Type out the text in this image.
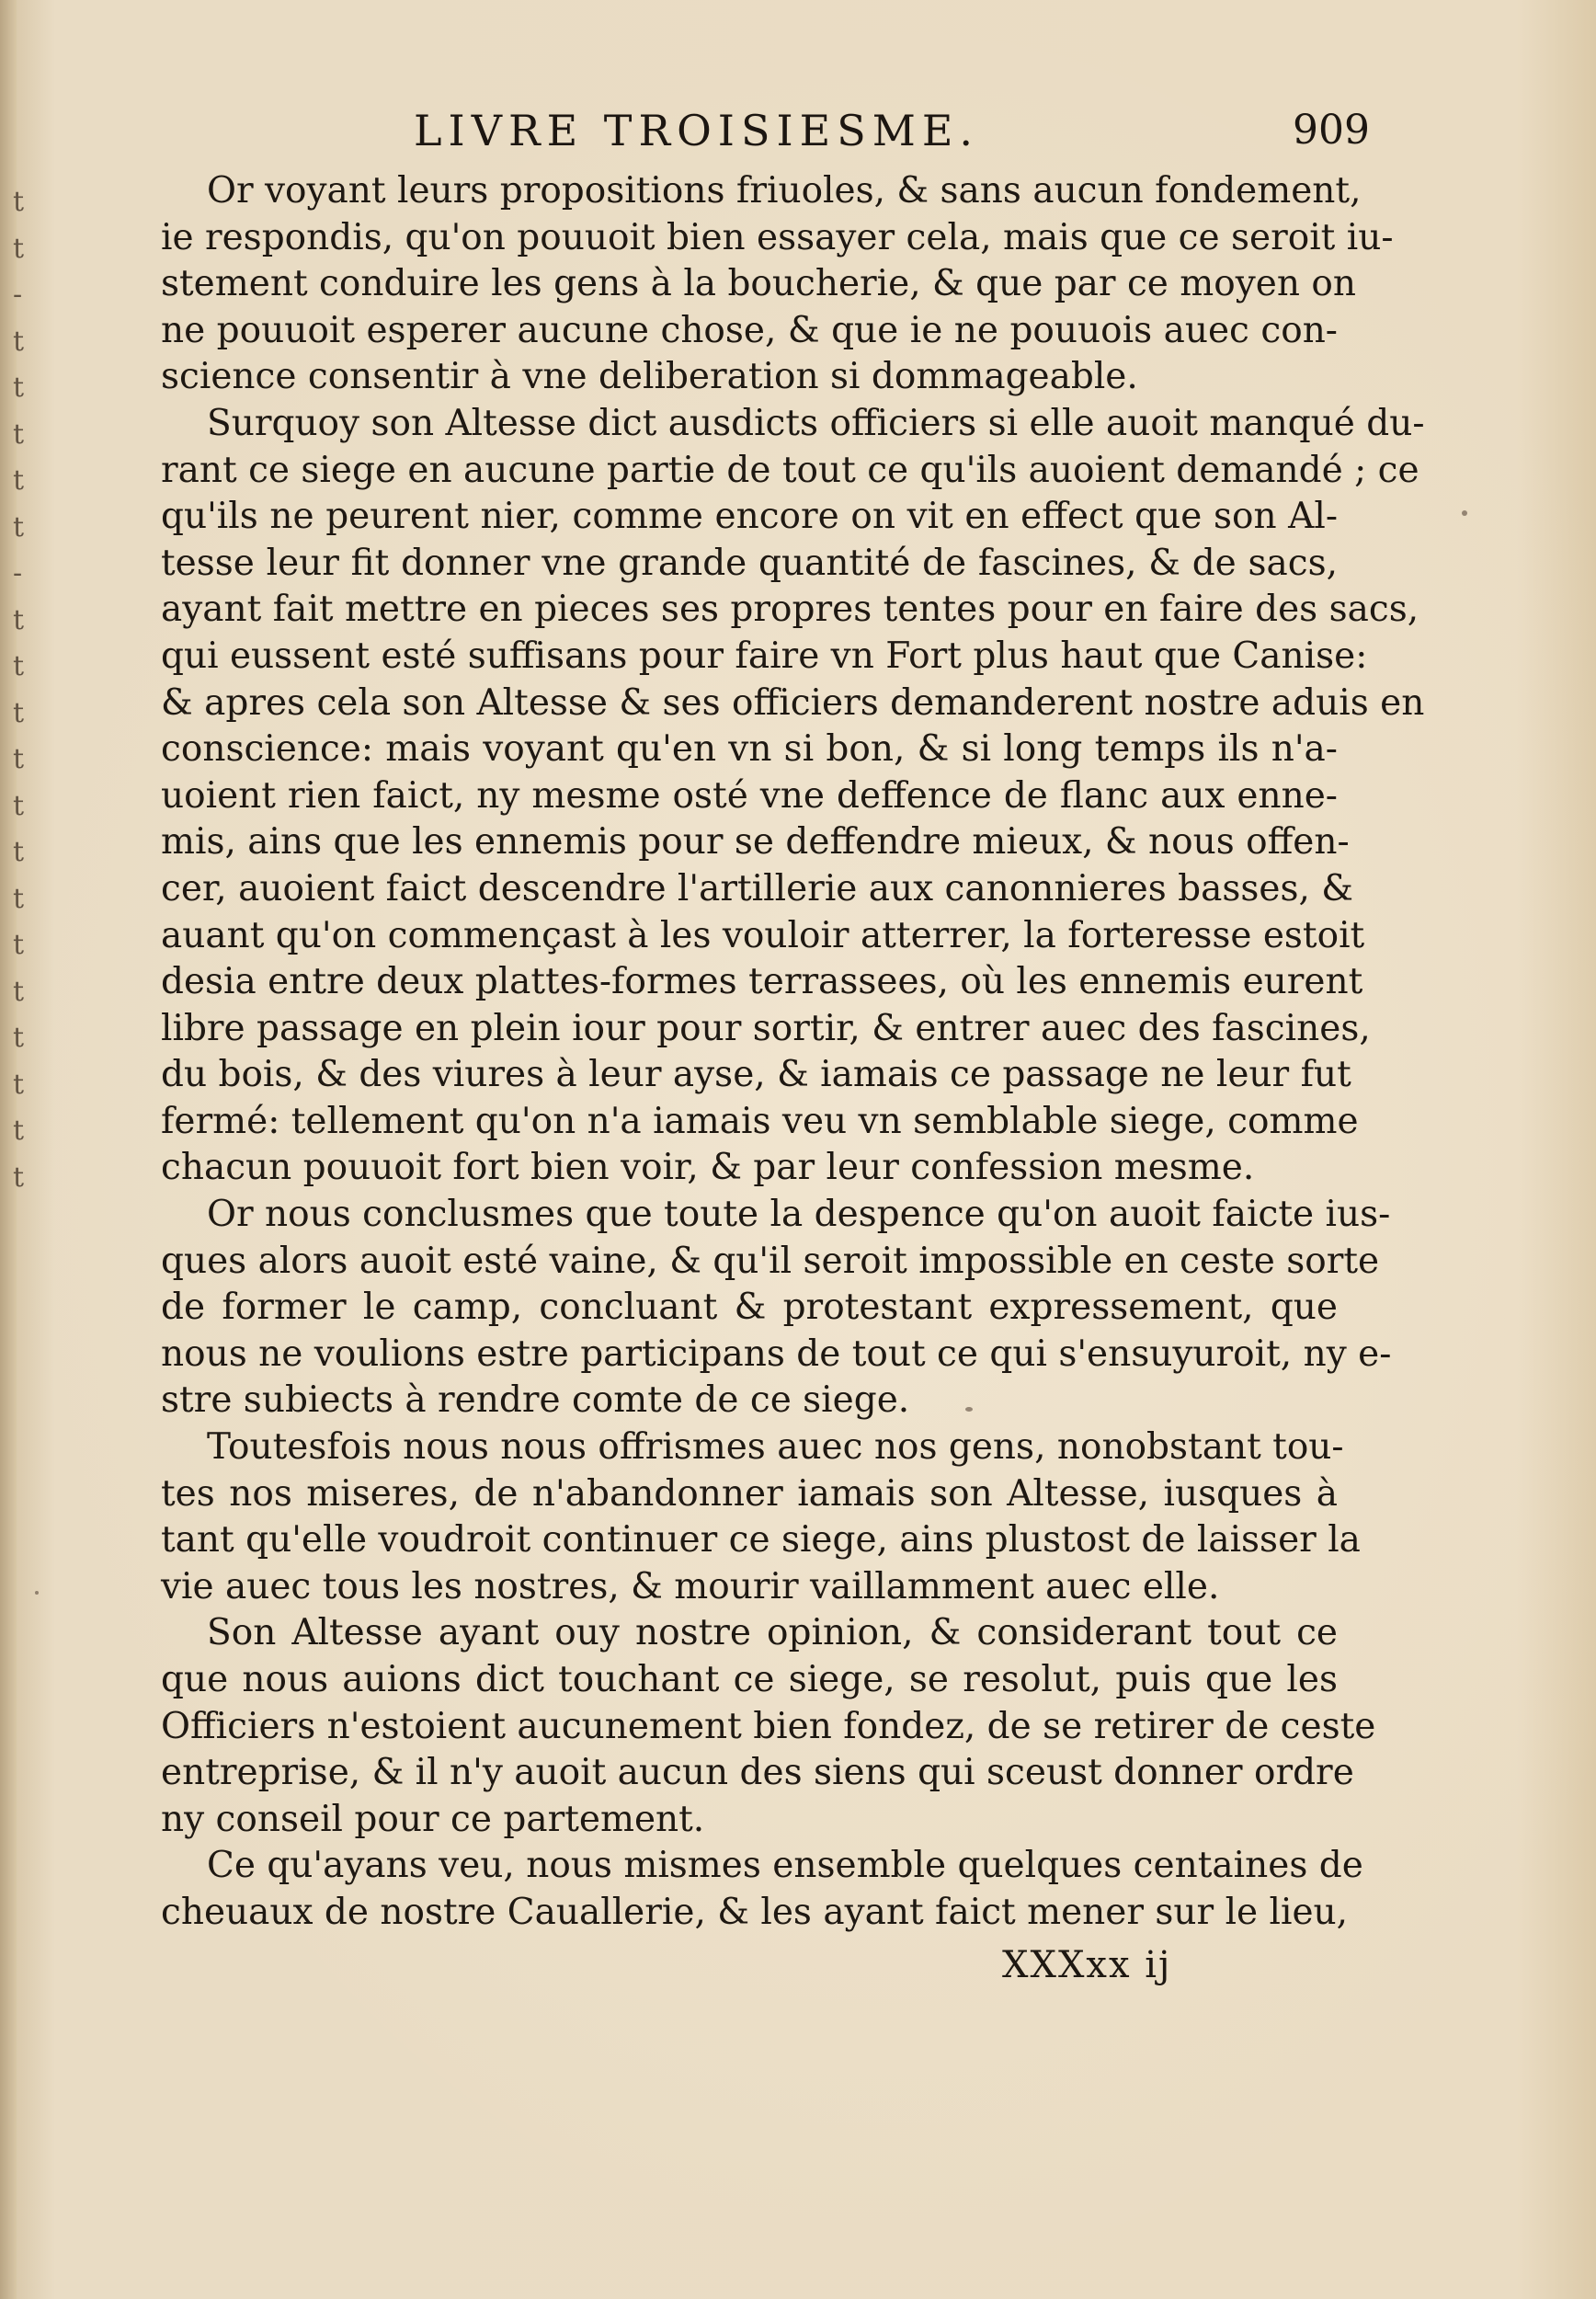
t
t
-
t
t
t
t
t
-
t
t
t
t
t
t
t
t
t
t
t
t
t
LIVRE TROISIESME.	909
Or voyant leurs propositions friuoles, & sans aucun fondement,
ie respondis, qu'on pouuoit bien essayer cela, mais que ce seroit iu-
stement conduire les gens à la boucherie, & que par ce moyen on
ne pouuoit esperer aucune chose, & que ie ne pouuois auec con-
science consentir à vne deliberation si dommageable.
Surquoy son Altesse dict ausdicts officiers si elle auoit manqué du-
rant ce siege en aucune partie de tout ce qu'ils auoient demandé ; ce
qu'ils ne peurent nier, comme encore on vit en effect que son Al-
tesse leur fit donner vne grande quantité de fascines, & de sacs,
ayant fait mettre en pieces ses propres tentes pour en faire des sacs,
qui eussent esté suffisans pour faire vn Fort plus haut que Canise:
& apres cela son Altesse & ses officiers demanderent nostre aduis en
conscience: mais voyant qu'en vn si bon, & si long temps ils n'a-
uoient rien faict, ny mesme osté vne deffence de flanc aux enne-
mis, ains que les ennemis pour se deffendre mieux, & nous offen-
cer, auoient faict descendre l'artillerie aux canonnieres basses, &
auant qu'on commençast à les vouloir atterrer, la forteresse estoit
desia entre deux plattes-formes terrassees, où les ennemis eurent
libre passage en plein iour pour sortir, & entrer auec des fascines,
du bois, & des viures à leur ayse, & iamais ce passage ne leur fut
fermé: tellement qu'on n'a iamais veu vn semblable siege, comme
chacun pouuoit fort bien voir, & par leur confession mesme.
Or nous conclusmes que toute la despence qu'on auoit faicte ius-
ques alors auoit esté vaine, & qu'il seroit impossible en ceste sorte
de former le camp, concluant & protestant expressement, que
nous ne voulions estre participans de tout ce qui s'ensuyuroit, ny e-
stre subiects à rendre comte de ce siege.
Toutesfois nous nous offrismes auec nos gens, nonobstant tou-
tes nos miseres, de n'abandonner iamais son Altesse, iusques à
tant qu'elle voudroit continuer ce siege, ains plustost de laisser la
vie auec tous les nostres, & mourir vaillamment auec elle.
Son Altesse ayant ouy nostre opinion, & considerant tout ce
que nous auions dict touchant ce siege, se resolut, puis que les
Officiers n'estoient aucunement bien fondez, de se retirer de ceste
entreprise, & il n'y auoit aucun des siens qui sceust donner ordre
ny conseil pour ce partement.
Ce qu'ayans veu, nous mismes ensemble quelques centaines de
cheuaux de nostre Cauallerie, & les ayant faict mener sur le lieu,
XXXxx ij
